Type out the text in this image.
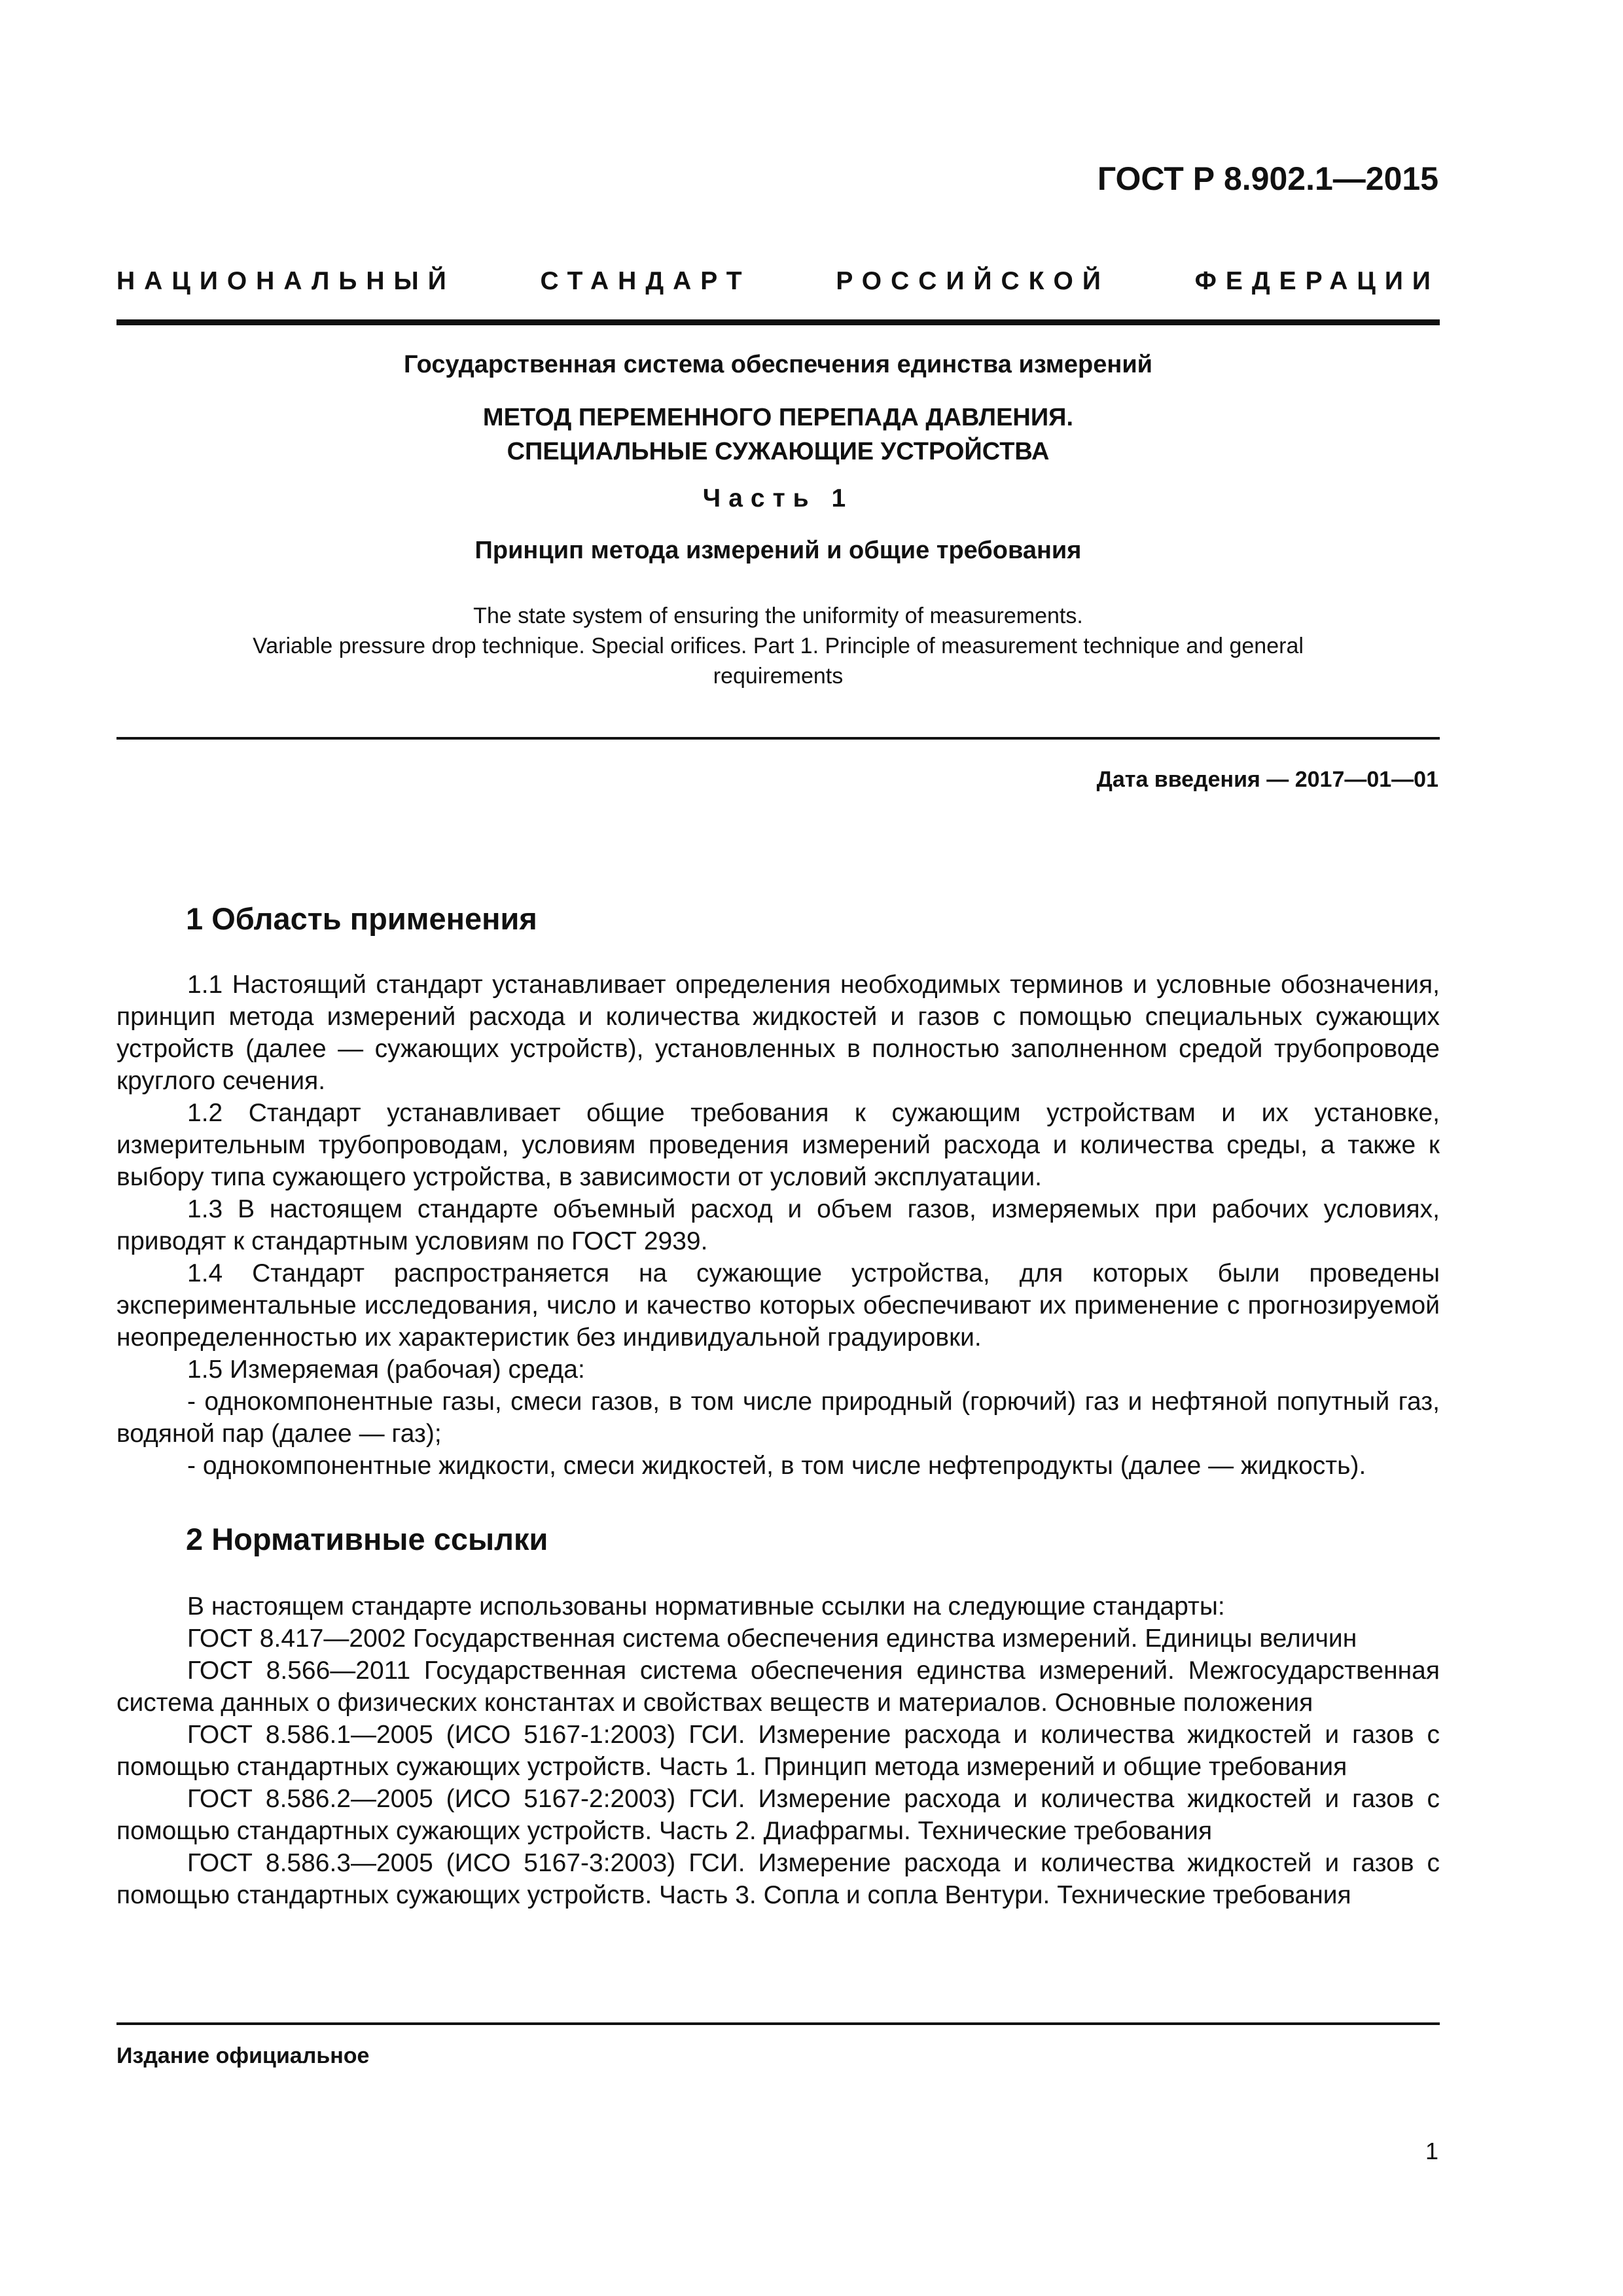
ГОСТ Р 8.902.1—2015
НАЦИОНАЛЬНЫЙ	СТАНДАРТ	РОССИЙСКОЙ	ФЕДЕРАЦИИ
Государственная система обеспечения единства измерений
МЕТОД ПЕРЕМЕННОГО ПЕРЕПАДА ДАВЛЕНИЯ.
СПЕЦИАЛЬНЫЕ СУЖАЮЩИЕ УСТРОЙСТВА
Часть 1
Принцип метода измерений и общие требования
The state system of ensuring the uniformity of measurements.
Variable pressure drop technique. Special orifices. Part 1. Principle of measurement technique and general
requirements
Дата введения — 2017—01—01
1 Область применения

1.1 Настоящий стандарт устанавливает определения необходимых терминов и условные обозначения, принцип метода измерений расхода и количества жидкостей и газов с помощью специальных сужающих устройств (далее — сужающих устройств), установленных в полностью заполненном средой трубопроводе круглого сечения.

1.2 Стандарт устанавливает общие требования к сужающим устройствам и их установке, измерительным трубопроводам, условиям проведения измерений расхода и количества среды, а также к выбору типа сужающего устройства, в зависимости от условий эксплуатации.

1.3 В настоящем стандарте объемный расход и объем газов, измеряемых при рабочих условиях, приводят к стандартным условиям по ГОСТ 2939.

1.4 Стандарт распространяется на сужающие устройства, для которых были проведены экспериментальные исследования, число и качество которых обеспечивают их применение с прогнозируемой неопределенностью их характеристик без индивидуальной градуировки.

1.5 Измеряемая (рабочая) среда:

- однокомпонентные газы, смеси газов, в том числе природный (горючий) газ и нефтяной попутный газ, водяной пар (далее — газ);

- однокомпонентные жидкости, смеси жидкостей, в том числе нефтепродукты (далее — жидкость).

2 Нормативные ссылки

В настоящем стандарте использованы нормативные ссылки на следующие стандарты:

ГОСТ 8.417—2002 Государственная система обеспечения единства измерений. Единицы величин

ГОСТ 8.566—2011 Государственная система обеспечения единства измерений. Межгосударственная система данных о физических константах и свойствах веществ и материалов. Основные положения

ГОСТ 8.586.1—2005 (ИСО 5167-1:2003) ГСИ. Измерение расхода и количества жидкостей и газов с помощью стандартных сужающих устройств. Часть 1. Принцип метода измерений и общие требования

ГОСТ 8.586.2—2005 (ИСО 5167-2:2003) ГСИ. Измерение расхода и количества жидкостей и газов с помощью стандартных сужающих устройств. Часть 2. Диафрагмы. Технические требования

ГОСТ 8.586.3—2005 (ИСО 5167-3:2003) ГСИ. Измерение расхода и количества жидкостей и газов с помощью стандартных сужающих устройств. Часть 3. Сопла и сопла Вентури. Технические требования

Издание официальное
1
